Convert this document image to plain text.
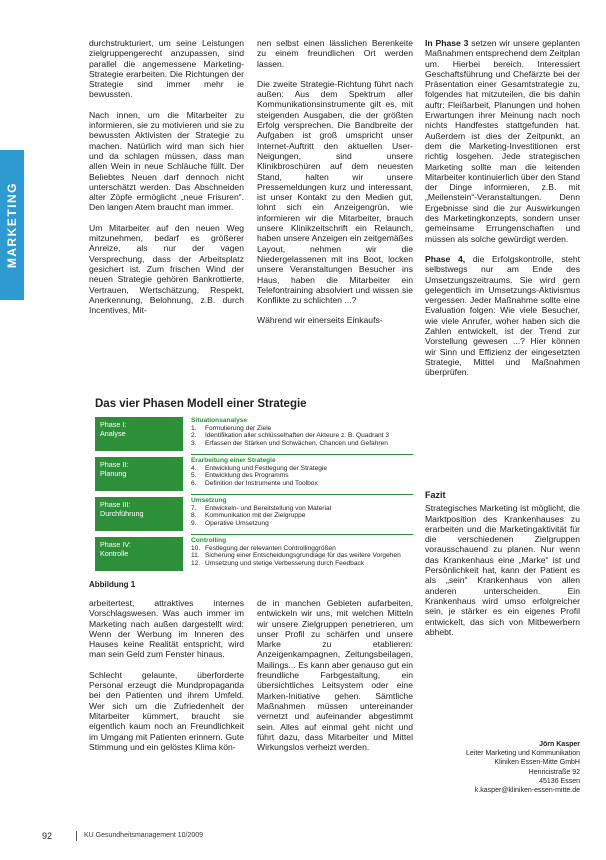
MARKETING

durchstrukturiert, um seine Leistungen zielgruppengerecht anzupassen, sind parallel die angemessene Marketing-Strategie erarbeiten. Die Richtungen der Strategie sind immer mehr ie bewussten.

Nach innen, um die Mitarbeiter zu informieren, sie zu motivieren und sie zu bewussten Aktivisten der Strategie zu machen. Natürlich wird man sich hier und da schlagen müssen, dass man allen Wein in neue Schläuche füllt. Der Beliebtes Neuen darf dennoch nicht unterschätzt werden. Das Abschneiden alter Zöpfe ermöglicht „neue Frisuren“. Den langen Atem braucht man immer.

Um Mitarbeiter auf den neuen Weg mitzunehmen, bedarf es größerer Anreize, als nur der vagen Versprechung, dass der Arbeitsplatz gesichert ist. Zum frischen Wind der neuen Strategie gehören Bankrottierte, Vertrauen, Wertschätzung, Respekt, Anerkennung, Belohnung, z.B. durch Incentives, Mit-

nen selbst einen lässlichen Berenkeite zu einem freundlichen Ort werden lassen.

Die zweite Strategie-Richtung führt nach außen: Aus dem Spektrum aller Kommunikationsinstrumente gilt es, mit steigenden Ausgaben, die der größten Erfolg versprechen. Die Bandbreite der Aufgaben ist groß umspricht unser Internet-Auftritt den aktuellen User-Neigungen, sind unsere Klinikbroschüren auf dem neuesten Stand, halten wir unsere Pressemeldungen kurz und interessant, ist unser Kontakt zu den Medien gut, lohnt sich ein Anzeigengrün, wie informieren wir die Mitarbeiter, brauch unsere Klinikzeitschrift ein Relaunch, haben unsere Anzeigen ein zeitgemäßes Layout, nehmen wir die Niedergelassenen mit ins Boot, locken unsere Veranstaltungen Besucher ins Haus, haben die Mitarbeiter ein Telefontraining absolviert und wissen sie Konflikte zu schlichten ...?

Während wir einerseits Einkaufs-

In Phase 3 setzen wir unsere geplanten Maßnahmen entsprechend dem Zeitplan um. Hierbei bereich. Interessiert Geschaftsführung und Chefärzte bei der Präsentation einer Gesamtstrategie zu, folgendes hat mitzuteilen, die bis dahin auftr: Fleißarbeit, Planungen und hohen Erwartungen ihrer Meinung nach noch nichts Handfestes stattgefunden hat. Außerdem ist dies der Zeitpunkt, an dem die Marketing-Investitionen erst richtig losgehen. Jede strategischen Marketing sollte man die leitenden Mitarbeiter kontinuierlich über den Stand der Dinge informieren, z.B. mit „Meilenstein“-Veranstaltungen. Denn Ergebnisse sind die zur Auswirkungen des Marketingkonzepts, sondern unser gemeinsame Errungenschaften und müssen als solche gewürdigt werden.

Phase 4, die Erfolgskontrolle, steht selbstwegs nur am Ende des Umsetzungszeitraums. Sie wird gern gelegentlich im Umsetzungs-Aktivismus vergessen. Jeder Maßnahme sollte eine Evaluation folgen: Wie viele Besucher, wie viele Anrufer, woher haben sich die Zahlen entwickelt, ist der Trend zur Vorstellung gewesen ...? Hier können wir Sinn und Effizienz der eingesetzten Strategie, Mittel und Maßnahmen überprüfen.

Das vier Phasen Modell einer Strategie
Phase I:
Analyse
Situationsanalyse
1.	Formulierung der Ziele
2.	Identifikation aller schlüsselhaften der Akteure z. B. Quadrant 3
3.	Erfassen der Stärken und Schwächen, Chancen und Gefahren
Phase II:
Planung
Erarbeitung einer Strategie
4.	Entwicklung und Festlegung der Strategie
5.	Entwicklung des Programms
6.	Definition der Instrumente und Toolbox
Phase III:
Durchführung
Umsetzung
7.	Entwickeln- und Bereitstellung von Material
8.	Kommunikation mit der Zielgruppe
9.	Operative Umsetzung
Phase IV:
Kontrolle
Controlling
10. Festlegung der relevanten Controllinggrößen
11. Sicherung einer Entscheidungsgrundlage für das weitere Vorgehen
12. Umsetzung und stetige Verbesserung durch Feedback
Abbildung 1

arbeitertest, attraktives internes Vorschlagswesen. Was auch immer im Marketing nach außen dargestellt wird: Wenn der Werbung im Inneren des Hauses keine Realität entspricht, wird man sein Geld zum Fenster hinaus.

Schlecht gelaunte, überforderte Personal erzeugt die Mundpropaganda bei den Patienten und ihrem Umfeld. Wer sich um die Zufriedenheit der Mitarbeiter kümmert, braucht sie eigentlich kaum noch an Freundlichkeit im Umgang mit Patienten erinnern. Gute Stimmung und ein gelöstes Klima kön-

de in manchen Gebieten aufarbeiten, entwickeln wir uns, mit welchen Mitteln wir unsere Zielgruppen penetrieren, um unser Profil zu schärfen und unsere Marke zu etablieren: Anzeigenkampagnen, Zeitungsbeilagen, Mailings... Es kann aber genauso gut ein freundliche Farbgestaltung, ein übersichtliches Leitsystem oder eine Marken-Initiative gehen. Sämtliche Maßnahmen müssen untereinander vernetzt und aufeinander abgestimmt sein. Alles auf einmal geht nicht und führt dazu, dass Mitarbeiter und Mittel Wirkungslos verheizt werden.

Fazit

Strategisches Marketing ist möglicht, die Marktposition des Krankenhauses zu erarbeiten und die Marketingaktivität für die verschiedenen Zielgruppen vorausschauend zu planen. Nur wenn das Krankenhaus eine „Marke“ ist und Persönlichkeit hat, kann der Patient es als „sein“ Krankenhaus von allen anderen unterscheiden. Ein Krankenhaus wird umso erfolgreicher sein, je stärker es ein eigenes Profil entwickelt, das sich von Mitbewerbern abhebt.

Jörn Kasper
Leiter Marketing und Kommunikation
Kliniken Essen-Mitte GmbH
Henricistraße 92
45136 Essen
k.kasper@kliniken-essen-mitte.de
92	KU Gesundheitsmanagement 10/2009
